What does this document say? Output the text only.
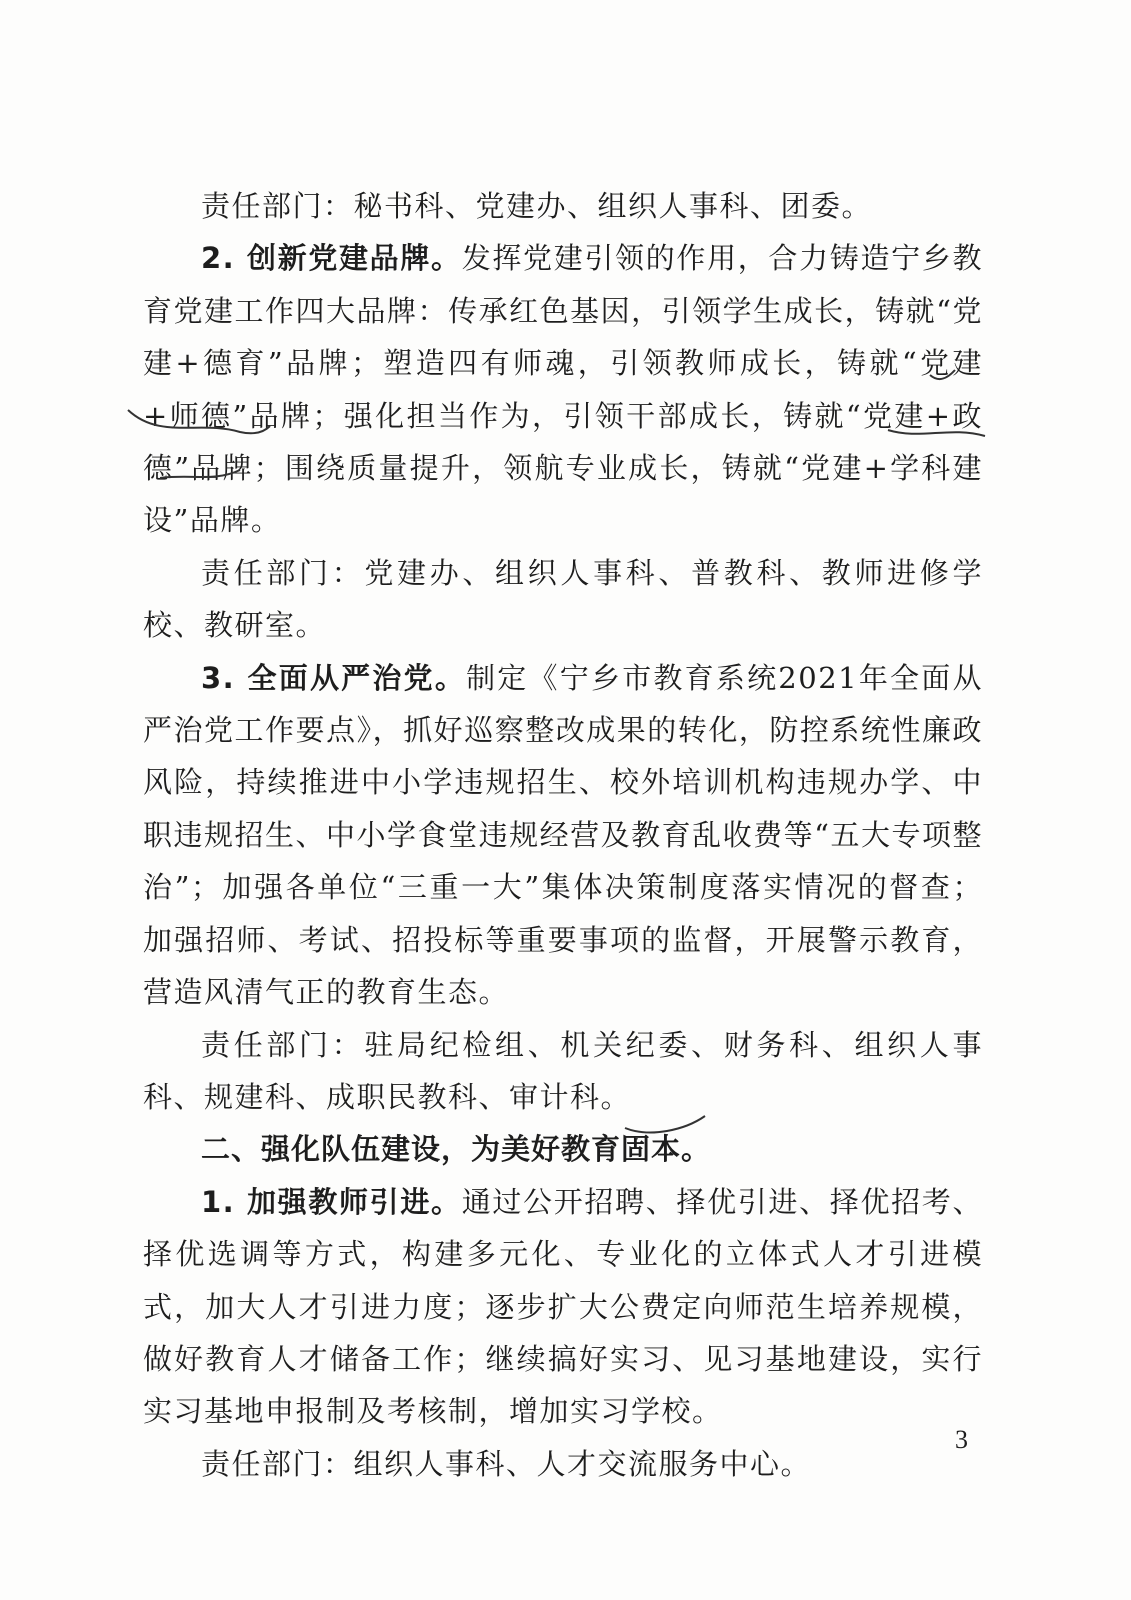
责任部门：秘书科、党建办、组织人事科、团委。

2. 创新党建品牌。发挥党建引领的作用，合力铸造宁乡教育党建工作四大品牌：传承红色基因，引领学生成长，铸就“党建+德育”品牌；塑造四有师魂，引领教师成长，铸就“党建+师德”品牌；强化担当作为，引领干部成长，铸就“党建+政德”品牌；围绕质量提升，领航专业成长，铸就“党建+学科建设”品牌。

责任部门：党建办、组织人事科、普教科、教师进修学校、教研室。

3. 全面从严治党。制定《宁乡市教育系统2021年全面从严治党工作要点》，抓好巡察整改成果的转化，防控系统性廉政风险，持续推进中小学违规招生、校外培训机构违规办学、中职违规招生、中小学食堂违规经营及教育乱收费等“五大专项整治”；加强各单位“三重一大”集体决策制度落实情况的督查；加强招师、考试、招投标等重要事项的监督，开展警示教育，营造风清气正的教育生态。

责任部门：驻局纪检组、机关纪委、财务科、组织人事科、规建科、成职民教科、审计科。

二、强化队伍建设，为美好教育固本。

1. 加强教师引进。通过公开招聘、择优引进、择优招考、择优选调等方式，构建多元化、专业化的立体式人才引进模式，加大人才引进力度；逐步扩大公费定向师范生培养规模，做好教育人才储备工作；继续搞好实习、见习基地建设，实行实习基地申报制及考核制，增加实习学校。

责任部门：组织人事科、人才交流服务中心。

3
